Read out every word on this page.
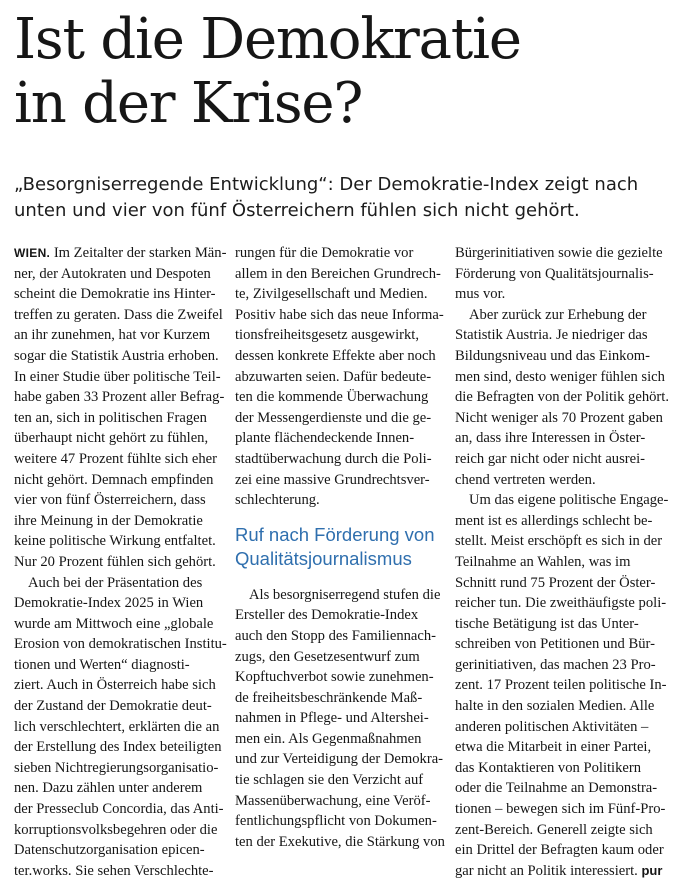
Ist die Demokratie
in der Krise?
„Besorgniserregende Entwicklung“: Der Demokratie-Index zeigt nach
unten und vier von fünf Österreichern fühlen sich nicht gehört.
WIEN. Im Zeitalter der starken Män-
ner, der Autokraten und Despoten
scheint die Demokratie ins Hinter-
treffen zu geraten. Dass die Zweifel
an ihr zunehmen, hat vor Kurzem
sogar die Statistik Austria erhoben.
In einer Studie über politische Teil-
habe gaben 33 Prozent aller Befrag-
ten an, sich in politischen Fragen
überhaupt nicht gehört zu fühlen,
weitere 47 Prozent fühlte sich eher
nicht gehört. Demnach empfinden
vier von fünf Österreichern, dass
ihre Meinung in der Demokratie
keine politische Wirkung entfaltet.
Nur 20 Prozent fühlen sich gehört.
Auch bei der Präsentation des
Demokratie-Index 2025 in Wien
wurde am Mittwoch eine „globale
Erosion von demokratischen Institu-
tionen und Werten“ diagnosti-
ziert. Auch in Österreich habe sich
der Zustand der Demokratie deut-
lich verschlechtert, erklärten die an
der Erstellung des Index beteiligten
sieben Nichtregierungsorganisatio-
nen. Dazu zählen unter anderem
der Presseclub Concordia, das Anti-
korruptionsvolksbegehren oder die
Datenschutzorganisation epicen-
ter.works. Sie sehen Verschlechte-
rungen für die Demokratie vor
allem in den Bereichen Grundrech-
te, Zivilgesellschaft und Medien.
Positiv habe sich das neue Informa-
tionsfreiheitsgesetz ausgewirkt,
dessen konkrete Effekte aber noch
abzuwarten seien. Dafür bedeute-
ten die kommende Überwachung
der Messengerdienste und die ge-
plante flächendeckende Innen-
stadtüberwachung durch die Poli-
zei eine massive Grundrechtsver-
schlechterung.
Ruf nach Förderung von
Qualitätsjournalismus
Als besorgniserregend stufen die
Ersteller des Demokratie-Index
auch den Stopp des Familiennach-
zugs, den Gesetzesentwurf zum
Kopftuchverbot sowie zunehmen-
de freiheitsbeschränkende Maß-
nahmen in Pflege- und Altershei-
men ein. Als Gegenmaßnahmen
und zur Verteidigung der Demokra-
tie schlagen sie den Verzicht auf
Massenüberwachung, eine Veröf-
fentlichungspflicht von Dokumen-
ten der Exekutive, die Stärkung von
Bürgerinitiativen sowie die gezielte
Förderung von Qualitätsjournalis-
mus vor.
Aber zurück zur Erhebung der
Statistik Austria. Je niedriger das
Bildungsniveau und das Einkom-
men sind, desto weniger fühlen sich
die Befragten von der Politik gehört.
Nicht weniger als 70 Prozent gaben
an, dass ihre Interessen in Öster-
reich gar nicht oder nicht ausrei-
chend vertreten werden.
Um das eigene politische Engage-
ment ist es allerdings schlecht be-
stellt. Meist erschöpft es sich in der
Teilnahme an Wahlen, was im
Schnitt rund 75 Prozent der Öster-
reicher tun. Die zweithäufigste poli-
tische Betätigung ist das Unter-
schreiben von Petitionen und Bür-
gerinitiativen, das machen 23 Pro-
zent. 17 Prozent teilen politische In-
halte in den sozialen Medien. Alle
anderen politischen Aktivitäten –
etwa die Mitarbeit in einer Partei,
das Kontaktieren von Politikern
oder die Teilnahme an Demonstra-
tionen – bewegen sich im Fünf-Pro-
zent-Bereich. Generell zeigte sich
ein Drittel der Befragten kaum oder
gar nicht an Politik interessiert. pur
